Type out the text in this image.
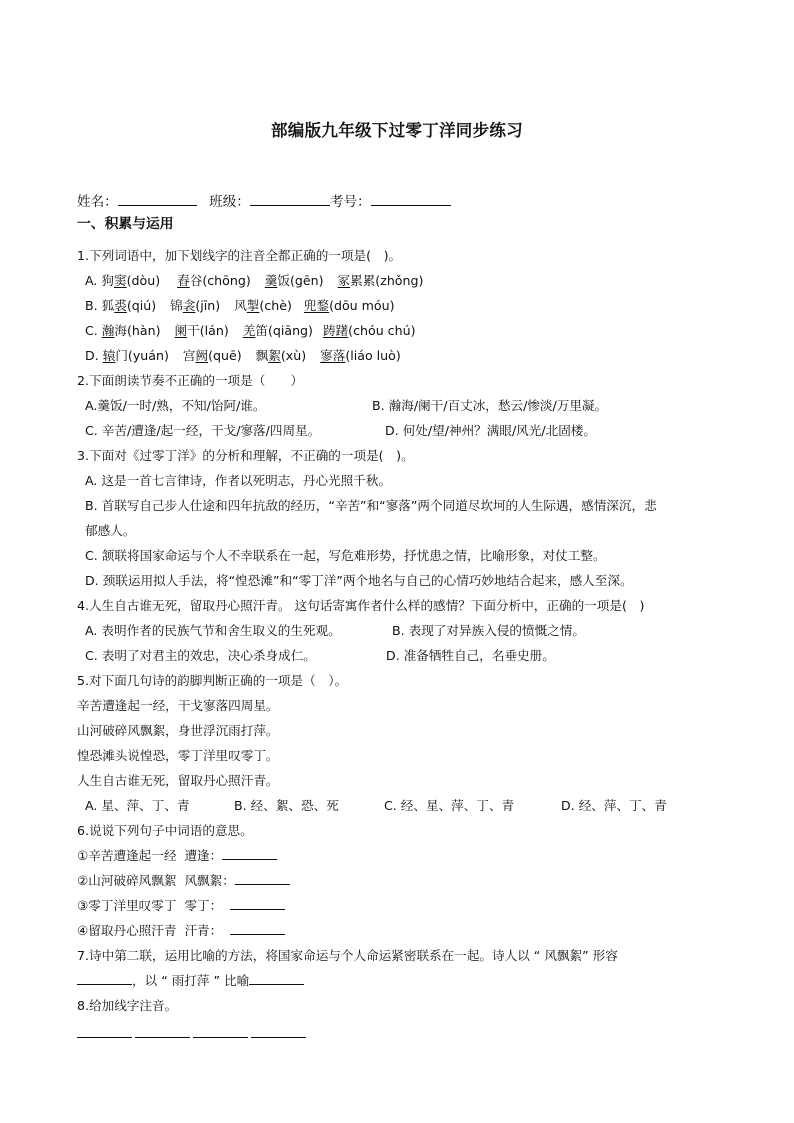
部编版九年级下过零丁洋同步练习
姓名：	班级：	考号：
一、积累与运用
1.下列词语中，加下划线字的注音全都正确的一项是(　)。
A. 狗窦(dòu) 舂谷(chōng) 羹饭(gēn) 冢累累(zhǒng)
B. 狐裘(qiú) 锦衾(jīn) 风掣(chè) 兜鍪(dōu móu)
C. 瀚海(hàn) 阑干(lán) 羌笛(qiāng) 踌躇(chóu chú)
D. 辕门(yuán) 宫阙(quē) 飘絮(xù) 寥落(liáo luò)
2.下面朗读节奏不正确的一项是（　　）
A.羹饭/一时/熟，不知/饴阿/谁。	B. 瀚海/阑干/百丈冰，愁云/惨淡/万里凝。
C. 辛苦/遭逢/起一经，干戈/寥落/四周星。	D. 何处/望/神州？满眼/风光/北固楼。
3.下面对《过零丁洋》的分析和理解，不正确的一项是(　)。
A. 这是一首七言律诗，作者以死明志，丹心光照千秋。
B. 首联写自己步人仕途和四年抗敌的经历，“辛苦”和“寥落”两个同道尽坎坷的人生际遇，感情深沉，悲
郁感人。
C. 颔联将国家命运与个人不幸联系在一起，写危难形势，抒忧患之情，比喻形象，对仗工整。
D. 颈联运用拟人手法，将“惶恐滩”和“零丁洋”两个地名与自己的心情巧妙地结合起来，感人至深。
4.人生自古谁无死，留取丹心照汗青。 这句话寄寓作者什么样的感情？下面分析中，正确的一项是(　)
A. 表明作者的民族气节和舍生取义的生死观。	B. 表现了对异族入侵的愤慨之情。
C. 表明了对君主的效忠，决心杀身成仁。	D. 准备牺牲自己，名垂史册。
5.对下面几句诗的韵脚判断正确的一项是（　）。
辛苦遭逢起一经，干戈寥落四周星。
山河破碎风飘絮，身世浮沉雨打萍。
惶恐滩头说惶恐，零丁洋里叹零丁。
人生自古谁无死，留取丹心照汗青。
A. 星、萍、丁、青	B. 经、絮、恐、死	C. 经、星、萍、丁、青	D. 经、萍、丁、青
6.说说下列句子中词语的意思。
①辛苦遭逢起一经 遭逢：
②山河破碎风飘絮 风飘絮：
③零丁洋里叹零丁 零丁：
④留取丹心照汗青 汗青：
7.诗中第二联，运用比喻的方法，将国家命运与个人命运紧密联系在一起。诗人以 “ 风飘絮” 形容
，以 “ 雨打萍 ” 比喻
8.给加线字注音。
